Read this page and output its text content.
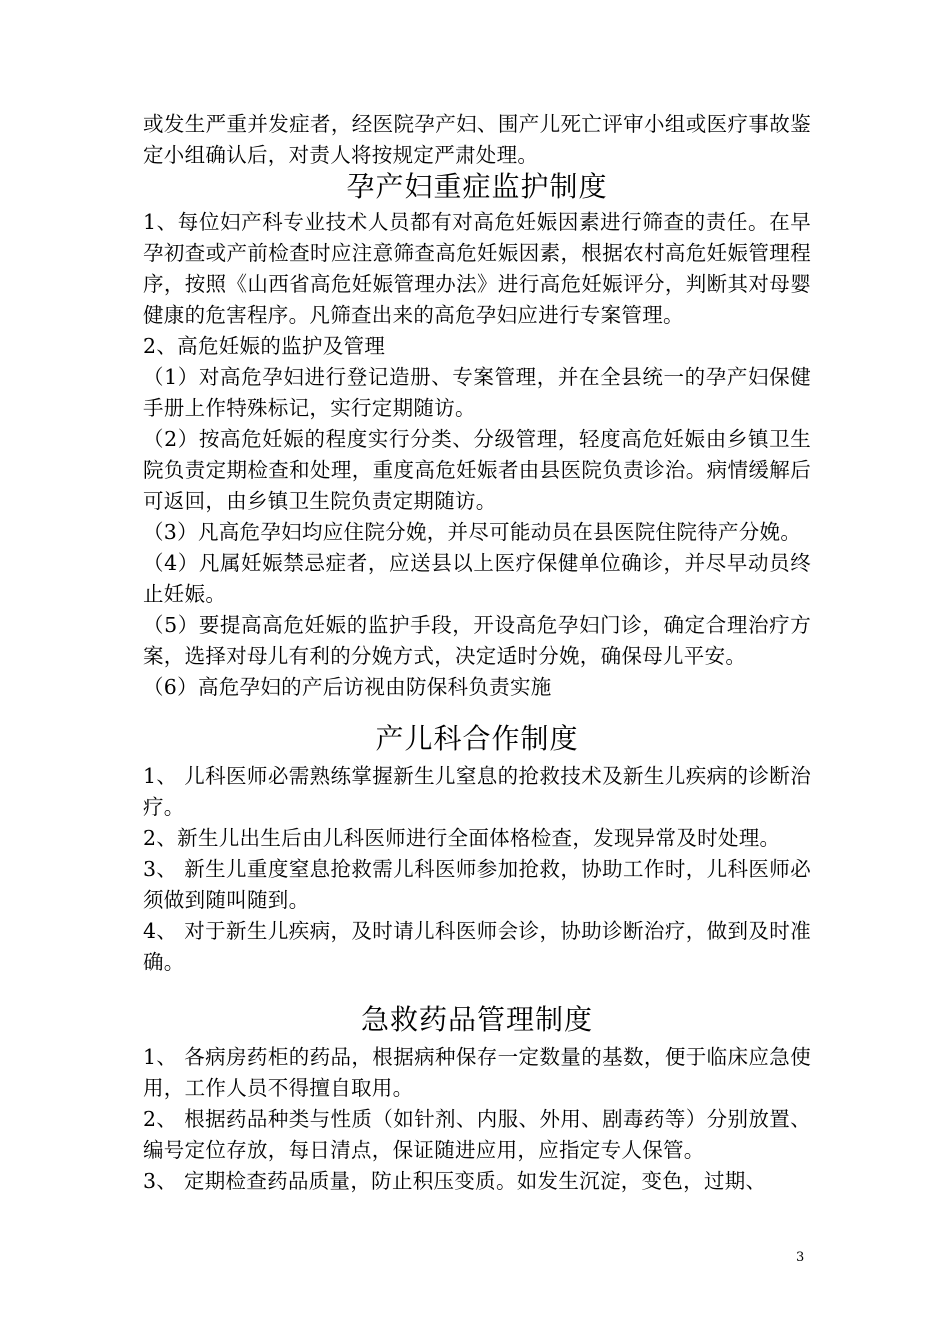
或发生严重并发症者，经医院孕产妇、围产儿死亡评审小组或医疗事故鉴定小组确认后，对责人将按规定严肃处理。

孕产妇重症监护制度

1、每位妇产科专业技术人员都有对高危妊娠因素进行筛查的责任。在早孕初查或产前检查时应注意筛查高危妊娠因素，根据农村高危妊娠管理程序，按照《山西省高危妊娠管理办法》进行高危妊娠评分，判断其对母婴健康的危害程序。凡筛查出来的高危孕妇应进行专案管理。

2、高危妊娠的监护及管理

（1）对高危孕妇进行登记造册、专案管理，并在全县统一的孕产妇保健手册上作特殊标记，实行定期随访。

（2）按高危妊娠的程度实行分类、分级管理，轻度高危妊娠由乡镇卫生院负责定期检查和处理，重度高危妊娠者由县医院负责诊治。病情缓解后可返回，由乡镇卫生院负责定期随访。

（3）凡高危孕妇均应住院分娩，并尽可能动员在县医院住院待产分娩。

（4）凡属妊娠禁忌症者，应送县以上医疗保健单位确诊，并尽早动员终止妊娠。

（5）要提高高危妊娠的监护手段，开设高危孕妇门诊，确定合理治疗方案，选择对母儿有利的分娩方式，决定适时分娩，确保母儿平安。

（6）高危孕妇的产后访视由防保科负责实施

产儿科合作制度

1、 儿科医师必需熟练掌握新生儿窒息的抢救技术及新生儿疾病的诊断治疗。

2、新生儿出生后由儿科医师进行全面体格检查，发现异常及时处理。

3、 新生儿重度窒息抢救需儿科医师参加抢救，协助工作时，儿科医师必须做到随叫随到。

4、 对于新生儿疾病，及时请儿科医师会诊，协助诊断治疗，做到及时准确。

急救药品管理制度

1、 各病房药柜的药品，根据病种保存一定数量的基数，便于临床应急使用，工作人员不得擅自取用。

2、 根据药品种类与性质（如针剂、内服、外用、剧毒药等）分别放置、编号定位存放，每日清点，保证随进应用，应指定专人保管。

3、 定期检查药品质量，防止积压变质。如发生沉淀，变色，过期、

3
